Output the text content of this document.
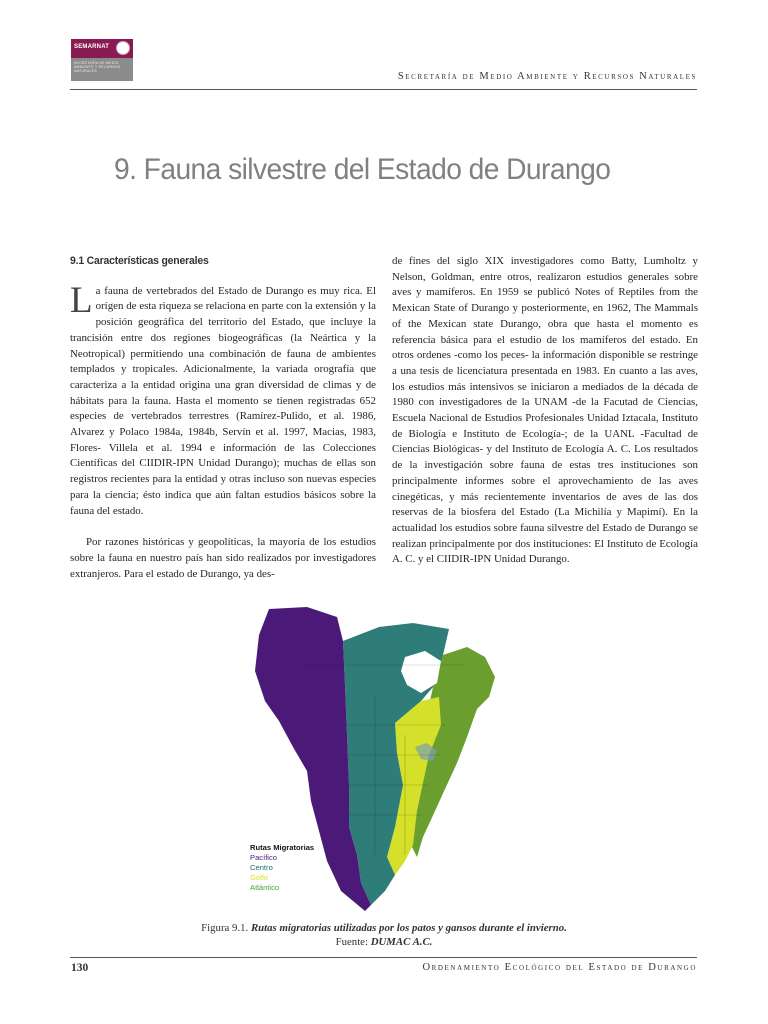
SEMARNAT
SECRETARÍA DE MEDIO AMBIENTE Y RECURSOS NATURALES	Secretaría de Medio Ambiente y Recursos Naturales
9. Fauna silvestre del Estado de Durango

9.1 Características generales

La fauna de vertebrados del Estado de Durango es muy rica. El orígen de esta riqueza se relaciona en parte con la extensión y la posición geográfica del territorio del Estado, que incluye la trancisión entre dos regiones biogeográficas (la Neártica y la Neotropical) permitiendo una combinación de fauna de ambientes templados y tropicales. Adicionalmente, la variada orografía que caracteriza a la entidad origina una gran diversidad de climas y de hábitats para la fauna. Hasta el momento se tienen registradas 652 especies de vertebrados terrestres (Ramírez-Pulido, et al. 1986, Alvarez y Polaco 1984a, 1984b, Servín et al. 1997, Macias, 1983, Flores- Villela et al. 1994 e información de las Colecciones Científicas del CIIDIR-IPN Unidad Durango); muchas de ellas son registros recientes para la entidad y otras incluso son nuevas especies para la ciencia; ésto indica que aún faltan estudios básicos sobre la fauna del estado.

Por razones históricas y geopolíticas, la mayoría de los estudios sobre la fauna en nuestro país han sido realizados por investigadores extranjeros. Para el estado de Durango, ya des-

de fines del siglo XIX investigadores como Batty, Lumholtz y Nelson, Goldman, entre otros, realizaron estudios generales sobre aves y mamíferos. En 1959 se publicó Notes of Reptiles from the Mexican State of Durango y posteriormente, en 1962, The Mammals of the Mexican state Durango, obra que hasta el momento es referencia básica para el estudio de los mamíferos del estado. En otros ordenes -como los peces- la información disponible se restringe a una tesis de licenciatura presentada en 1983. En cuanto a las aves, los estudios más intensivos se iniciaron a mediados de la década de 1980 con investigadores de la UNAM -de la Facutad de Ciencias, Escuela Nacional de Estudios Profesionales Unidad Iztacala, Instituto de Biología e Instituto de Ecología-; de la UANL -Facultad de Ciencias Biológicas- y del Instituto de Ecología A. C. Los resultados de la investigación sobre fauna de estas tres instituciones son principalmente informes sobre el aprovechamiento de las aves cinegéticas, y más recientemente inventarios de aves de las dos reservas de la biosfera del Estado (La Michilía y Mapimí). En la actualidad los estudios sobre fauna silvestre del Estado de Durango se realizan principalmente por dos instituciones: El Instituto de Ecología A. C. y el CIIDIR-IPN Unidad Durango.

Rutas Migratorias
Pacífico
Centro
Golfo
Atlántico
Figura 9.1. Rutas migratorias utilizadas por los patos y gansos durante el invierno.
Fuente: DUMAC A.C.
130	Ordenamiento Ecológico del Estado de Durango
